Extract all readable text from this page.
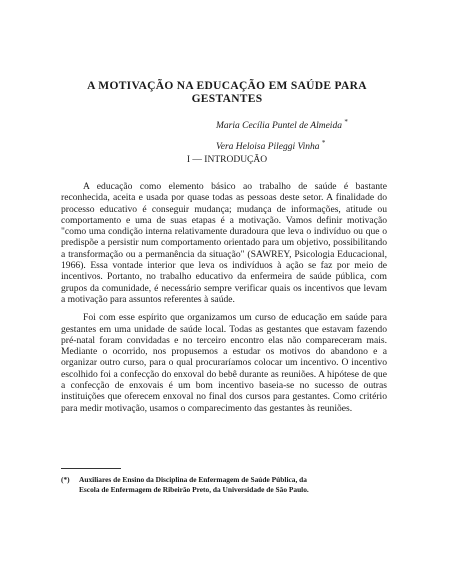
A MOTIVAÇÃO NA EDUCAÇÃO EM SAÚDE PARA
GESTANTES
Maria Cecília Puntel de Almeida *
Vera Heloisa Pileggi Vinha *
I — INTRODUÇÃO

A educação como elemento básico ao trabalho de saúde é bastante reconhecida, aceita e usada por quase todas as pessoas deste setor. A finalidade do processo educativo é conseguir mudança; mudança de informações, atitude ou comportamento e uma de suas etapas é a motivação. Vamos definir motivação "como uma condição interna relativamente duradoura que leva o indivíduo ou que o predispõe a persistir num comportamento orientado para um objetivo, possibilitando a transformação ou a permanência da situação" (SAWREY, Psicologia Educacional, 1966). Essa vontade interior que leva os indivíduos à ação se faz por meio de incentivos. Portanto, no trabalho educativo da enfermeira de saúde pública, com grupos da comunidade, é necessário sempre verificar quais os incentivos que levam a motivação para assuntos referentes à saúde.

Foi com esse espírito que organizamos um curso de educação em saúde para gestantes em uma unidade de saúde local. Todas as gestantes que estavam fazendo pré-natal foram convidadas e no terceiro encontro elas não compareceram mais. Mediante o ocorrido, nos propusemos a estudar os motivos do abandono e a organizar outro curso, para o qual procuraríamos colocar um incentivo. O incentivo escolhido foi a confecção do enxoval do bebê durante as reuniões. A hipótese de que a confecção de enxovais é um bom incentivo baseia-se no sucesso de outras instituições que oferecem enxoval no final dos cursos para gestantes. Como critério para medir motivação, usamos o comparecimento das gestantes às reuniões.

(*) Auxiliares de Ensino da Disciplina de Enfermagem de Saúde Pública, da
Escola de Enfermagem de Ribeirão Preto, da Universidade de São Paulo.
